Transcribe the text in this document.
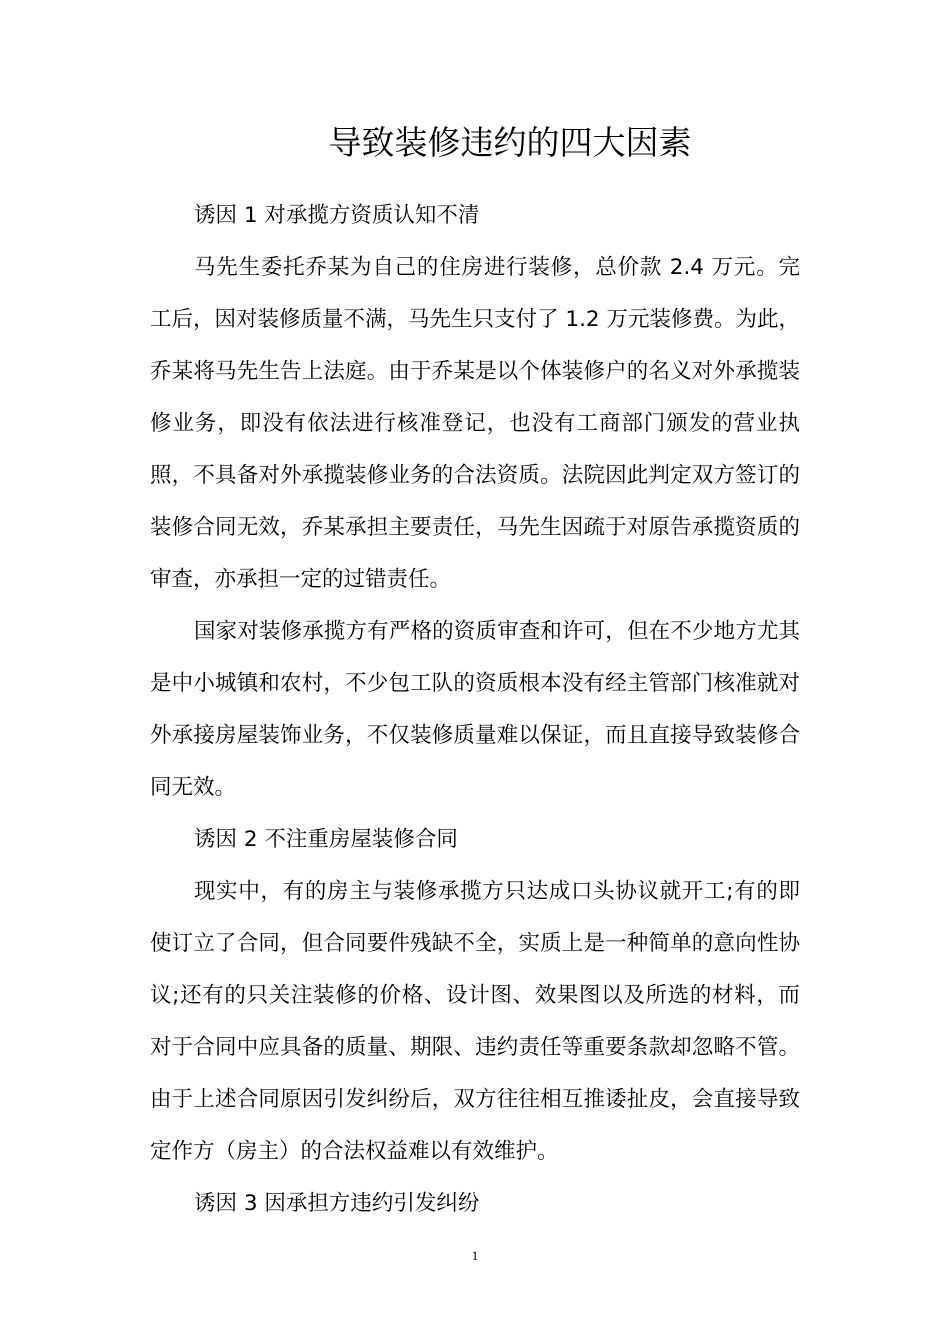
导致装修违约的四大因素

诱因 1 对承揽方资质认知不清

马先生委托乔某为自己的住房进行装修，总价款 2.4 万元。完工后，因对装修质量不满，马先生只支付了 1.2 万元装修费。为此，乔某将马先生告上法庭。由于乔某是以个体装修户的名义对外承揽装修业务，即没有依法进行核准登记，也没有工商部门颁发的营业执照，不具备对外承揽装修业务的合法资质。法院因此判定双方签订的装修合同无效，乔某承担主要责任，马先生因疏于对原告承揽资质的审查，亦承担一定的过错责任。

国家对装修承揽方有严格的资质审查和许可，但在不少地方尤其是中小城镇和农村，不少包工队的资质根本没有经主管部门核准就对外承接房屋装饰业务，不仅装修质量难以保证，而且直接导致装修合同无效。

诱因 2 不注重房屋装修合同

现实中，有的房主与装修承揽方只达成口头协议就开工;有的即使订立了合同，但合同要件残缺不全，实质上是一种简单的意向性协议;还有的只关注装修的价格、设计图、效果图以及所选的材料，而对于合同中应具备的质量、期限、违约责任等重要条款却忽略不管。由于上述合同原因引发纠纷后，双方往往相互推诿扯皮，会直接导致定作方（房主）的合法权益难以有效维护。

诱因 3 因承担方违约引发纠纷

1
